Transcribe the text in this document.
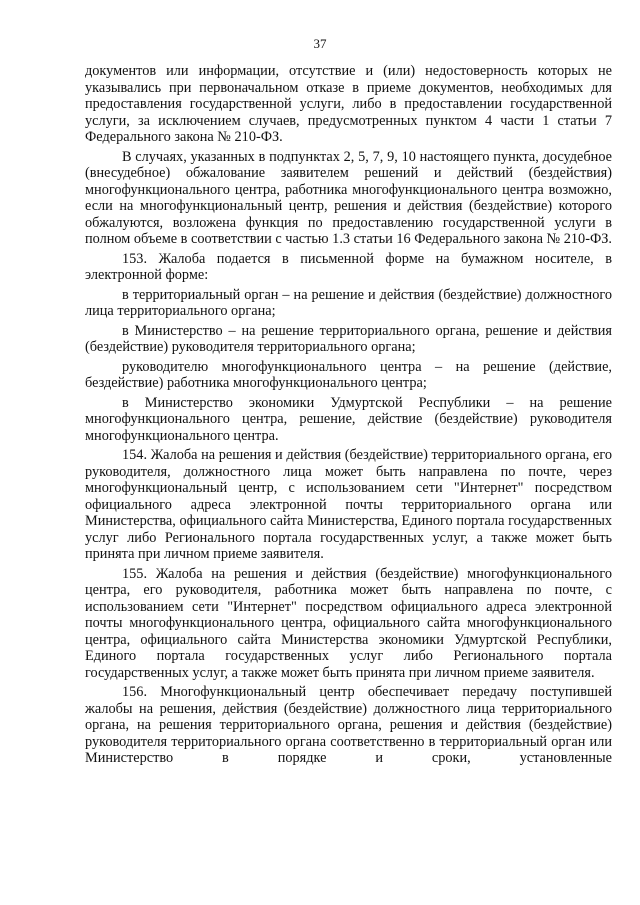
37

документов или информации, отсутствие и (или) недостоверность которых не указывались при первоначальном отказе в приеме документов, необходимых для предоставления государственной услуги, либо в предоставлении государственной услуги, за исключением случаев, предусмотренных пунктом 4 части 1 статьи 7 Федерального закона № 210-ФЗ.

В случаях, указанных в подпунктах 2, 5, 7, 9, 10 настоящего пункта, досудебное (внесудебное) обжалование заявителем решений и действий (бездействия) многофункционального центра, работника многофункционального центра возможно, если на многофункциональный центр, решения и действия (бездействие) которого обжалуются, возложена функция по предоставлению государственной услуги в полном объеме в соответствии с частью 1.3 статьи 16 Федерального закона № 210-ФЗ.

153. Жалоба подается в письменной форме на бумажном носителе, в электронной форме:

в территориальный орган – на решение и действия (бездействие) должностного лица территориального органа;

в Министерство – на решение территориального органа, решение и действия (бездействие) руководителя территориального органа;

руководителю многофункционального центра – на решение (действие, бездействие) работника многофункционального центра;

в Министерство экономики Удмуртской Республики – на решение многофункционального центра, решение, действие (бездействие) руководителя многофункционального центра.

154. Жалоба на решения и действия (бездействие) территориального органа, его руководителя, должностного лица может быть направлена по почте, через многофункциональный центр, с использованием сети "Интернет" посредством официального адреса электронной почты территориального органа или Министерства, официального сайта Министерства, Единого портала государственных услуг либо Регионального портала государственных услуг, а также может быть принята при личном приеме заявителя.

155. Жалоба на решения и действия (бездействие) многофункционального центра, его руководителя, работника может быть направлена по почте, с использованием сети "Интернет" посредством официального адреса электронной почты многофункционального центра, официального сайта многофункционального центра, официального сайта Министерства экономики Удмуртской Республики, Единого портала государственных услуг либо Регионального портала государственных услуг, а также может быть принята при личном приеме заявителя.

156. Многофункциональный центр обеспечивает передачу поступившей жалобы на решения, действия (бездействие) должностного лица территориального органа, на решения территориального органа, решения и действия (бездействие) руководителя территориального органа соответственно в территориальный орган или Министерство в порядке и сроки, установленные
